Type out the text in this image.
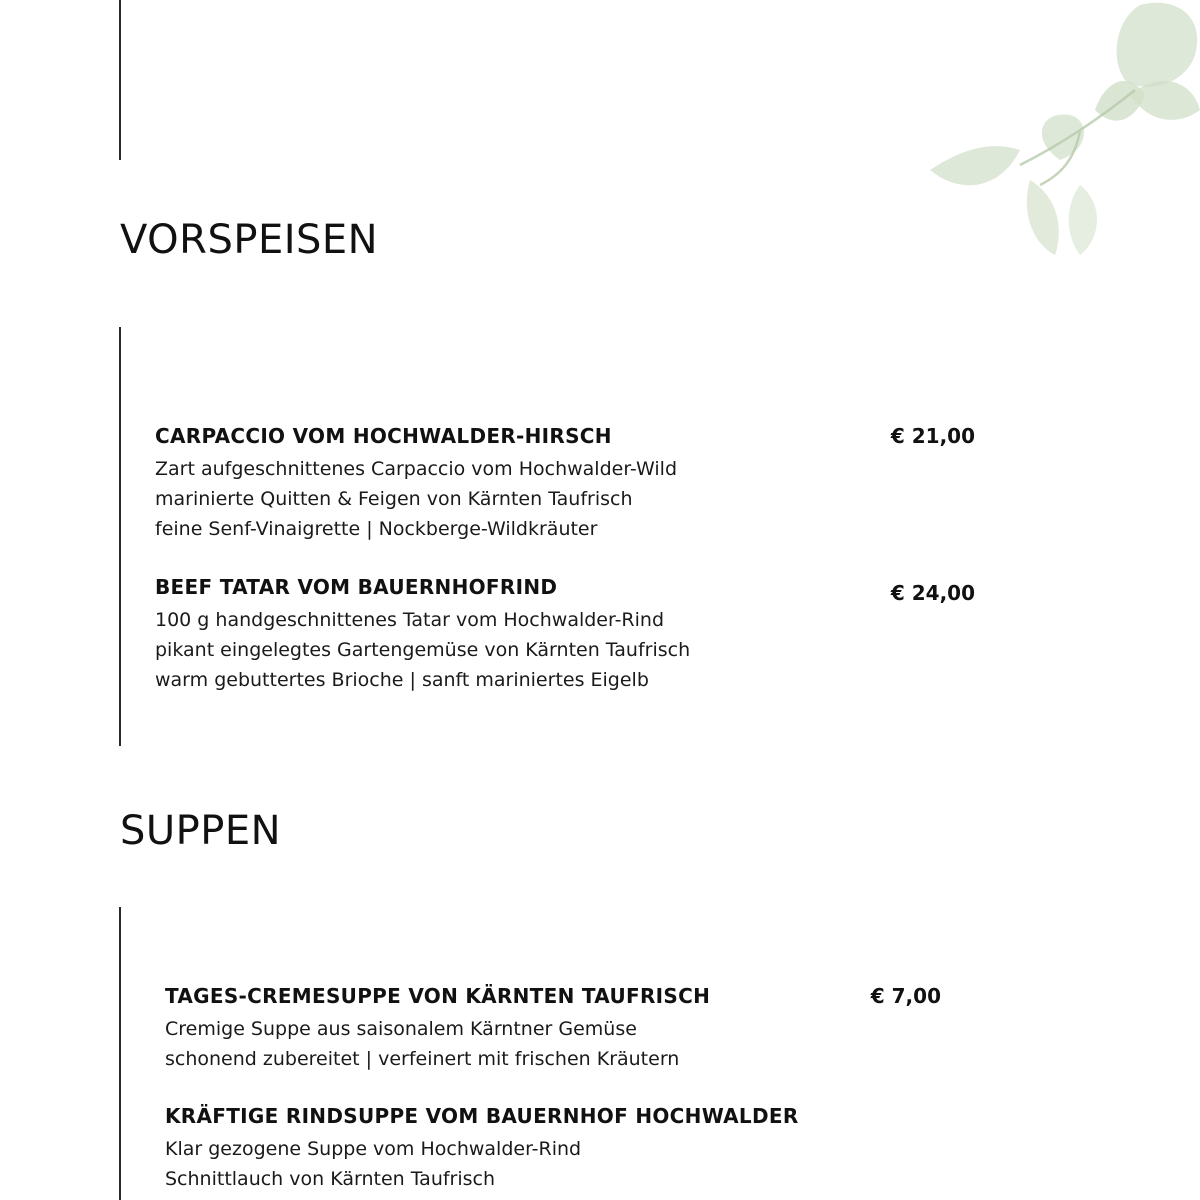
VORSPEISEN
CARPACCIO VOM HOCHWALDER-HIRSCH	€ 21,00
Zart aufgeschnittenes Carpaccio vom Hochwalder-Wild
marinierte Quitten & Feigen von Kärnten Taufrisch
feine Senf-Vinaigrette | Nockberge-Wildkräuter
BEEF TATAR VOM BAUERNHOFRIND	€ 24,00
100 g handgeschnittenes Tatar vom Hochwalder-Rind
pikant eingelegtes Gartengemüse von Kärnten Taufrisch
warm gebuttertes Brioche | sanft mariniertes Eigelb
SUPPEN
TAGES-CREMESUPPE VON KÄRNTEN TAUFRISCH	€ 7,00
Cremige Suppe aus saisonalem Kärntner Gemüse
schonend zubereitet | verfeinert mit frischen Kräutern
KRÄFTIGE RINDSUPPE VOM BAUERNHOF HOCHWALDER
Klar gezogene Suppe vom Hochwalder-Rind
Schnittlauch von Kärnten Taufrisch
